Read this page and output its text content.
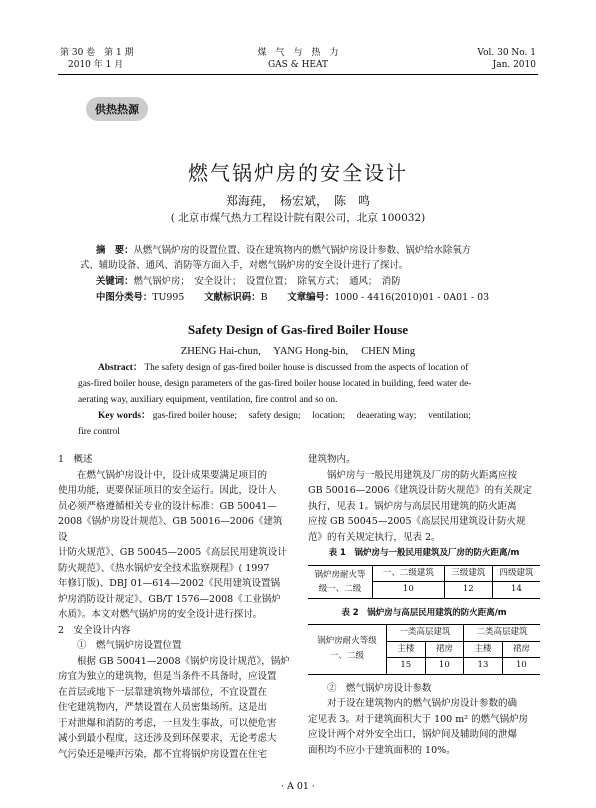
第 30 卷　第 1 期
2010 年 1 月
煤　气　与　热　力
GAS & HEAT
Vol. 30 No. 1
Jan. 2010
供热热源
燃气锅炉房的安全设计
郑海莼，　杨宏斌，　陈　鸣
( 北京市煤气热力工程设计院有限公司，北京 100032)
摘　要：从燃气锅炉房的设置位置、设在建筑物内的燃气锅炉房设计参数、锅炉给水除氧方
式、辅助设备、通风、消防等方面入手，对燃气锅炉房的安全设计进行了探讨。
关键词：燃气锅炉房；　安全设计；　设置位置；　除氧方式；　通风；　消防
中图分类号：TU995 文献标识码：B 文章编号：1000 - 4416(2010)01 - 0A01 - 03
Safety Design of Gas-fired Boiler House
ZHENG Hai-chun,　 YANG Hong-bin,　 CHEN Ming
Abstract： The safety design of gas-fired boiler house is discussed from the aspects of location of
gas-fired boiler house, design parameters of the gas-fired boiler house located in building, feed water de-
aerating way, auxiliary equipment, ventilation, fire control and so on.
Key words： gas-fired boiler house;　 safety design;　 location;　 deaerating way;　 ventilation;
fire control

1　概述

在燃气锅炉房设计中，设计成果要满足项目的

使用功能，更要保证项目的安全运行。因此，设计人

员必须严格遵循相关专业的设计标准：GB 50041—

2008《锅炉房设计规范》、GB 50016—2006《建筑设

计防火规范》、GB 50045—2005《高层民用建筑设计

防火规范》、《热水锅炉安全技术监察规程》( 1997

年修订版)、DBJ 01—614—2002《民用建筑设置锅

炉房消防设计规定》、GB/T 1576—2008《工业锅炉

水质》。本文对燃气锅炉房的安全设计进行探讨。

2　安全设计内容

①　燃气锅炉房设置位置

根据 GB 50041—2008《锅炉房设计规范》，锅炉

房宜为独立的建筑物，但是当条件不具备时，应设置

在首层或地下一层靠建筑物外墙部位，不宜设置在

住宅建筑物内，严禁设置在人员密集场所。这是出

于对泄爆和消防的考虑，一旦发生事故，可以使危害

减小到最小程度，这还涉及到环保要求，无论考虑大

气污染还是噪声污染，都不宜将锅炉房设置在住宅

建筑物内。

锅炉房与一般民用建筑及厂房的防火距离应按

GB 50016—2006《建筑设计防火规范》的有关规定

执行，见表 1。锅炉房与高层民用建筑的防火距离

应按 GB 50045—2005《高层民用建筑设计防火规

范》的有关规定执行，见表 2。

表 1　锅炉房与一般民用建筑及厂房的防火距离/m
锅炉房耐火等
级一、二级	一、二级建筑	三级建筑	四级建筑
	10	12	14
表 2　锅炉房与高层民用建筑的防火距离/m
锅炉房耐火等级
一、二级	一类高层建筑		二类高层建筑	
	主楼	裙房	主楼	裙房
	15	10	13	10

②　燃气锅炉房设计参数

对于设在建筑物内的燃气锅炉房设计参数的确

定见表 3。对于建筑面积大于 100 m² 的燃气锅炉房

应设计两个对外安全出口，锅炉间及辅助间的泄爆

面积均不应小于建筑面积的 10%。

· A 01 ·
